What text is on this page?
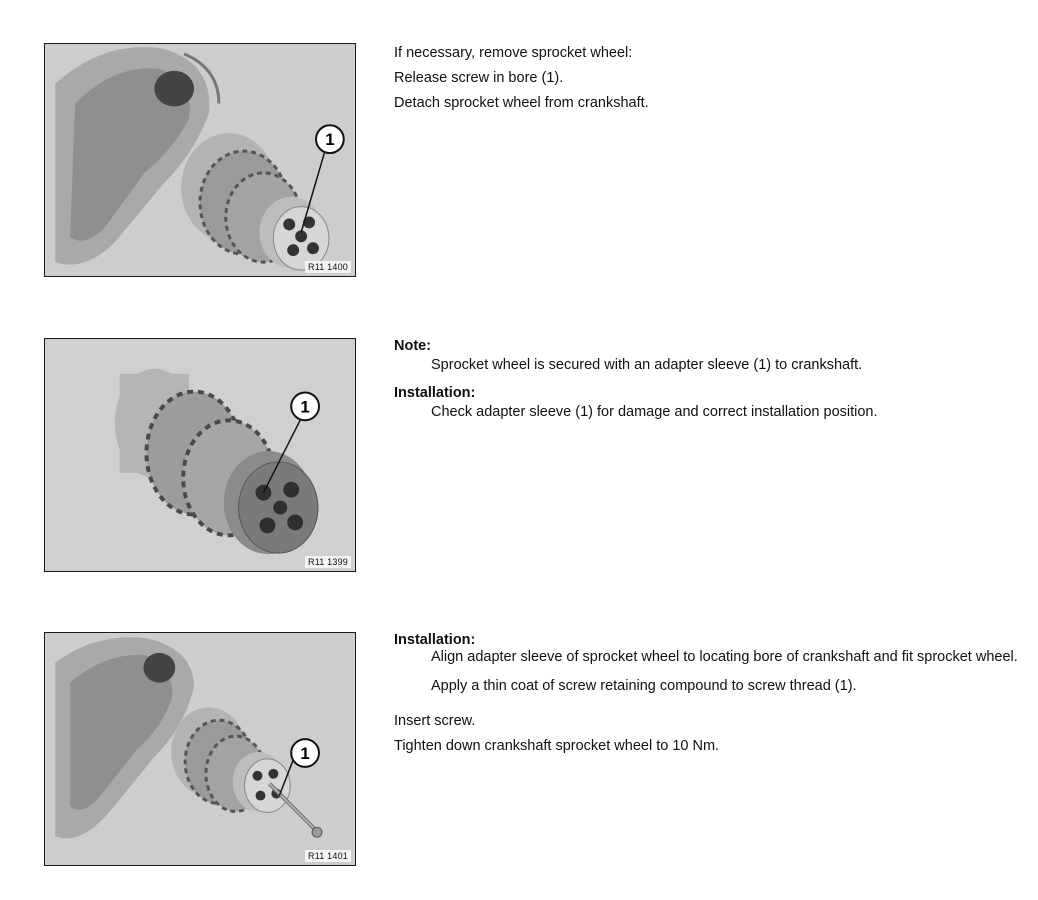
1
R11 1400

If necessary, remove sprocket wheel:

Release screw in bore (1).

Detach sprocket wheel from crankshaft.

1
R11 1399

Note:

Sprocket wheel is secured with an adapter sleeve (1) to crankshaft.

Installation:

Check adapter sleeve (1) for damage and correct installation position.

1
R11 1401

Installation:

Align adapter sleeve of sprocket wheel to locating bore of crankshaft and fit sprocket wheel.

Apply a thin coat of screw retaining compound to screw thread (1).

Insert screw.

Tighten down crankshaft sprocket wheel to 10 Nm.
